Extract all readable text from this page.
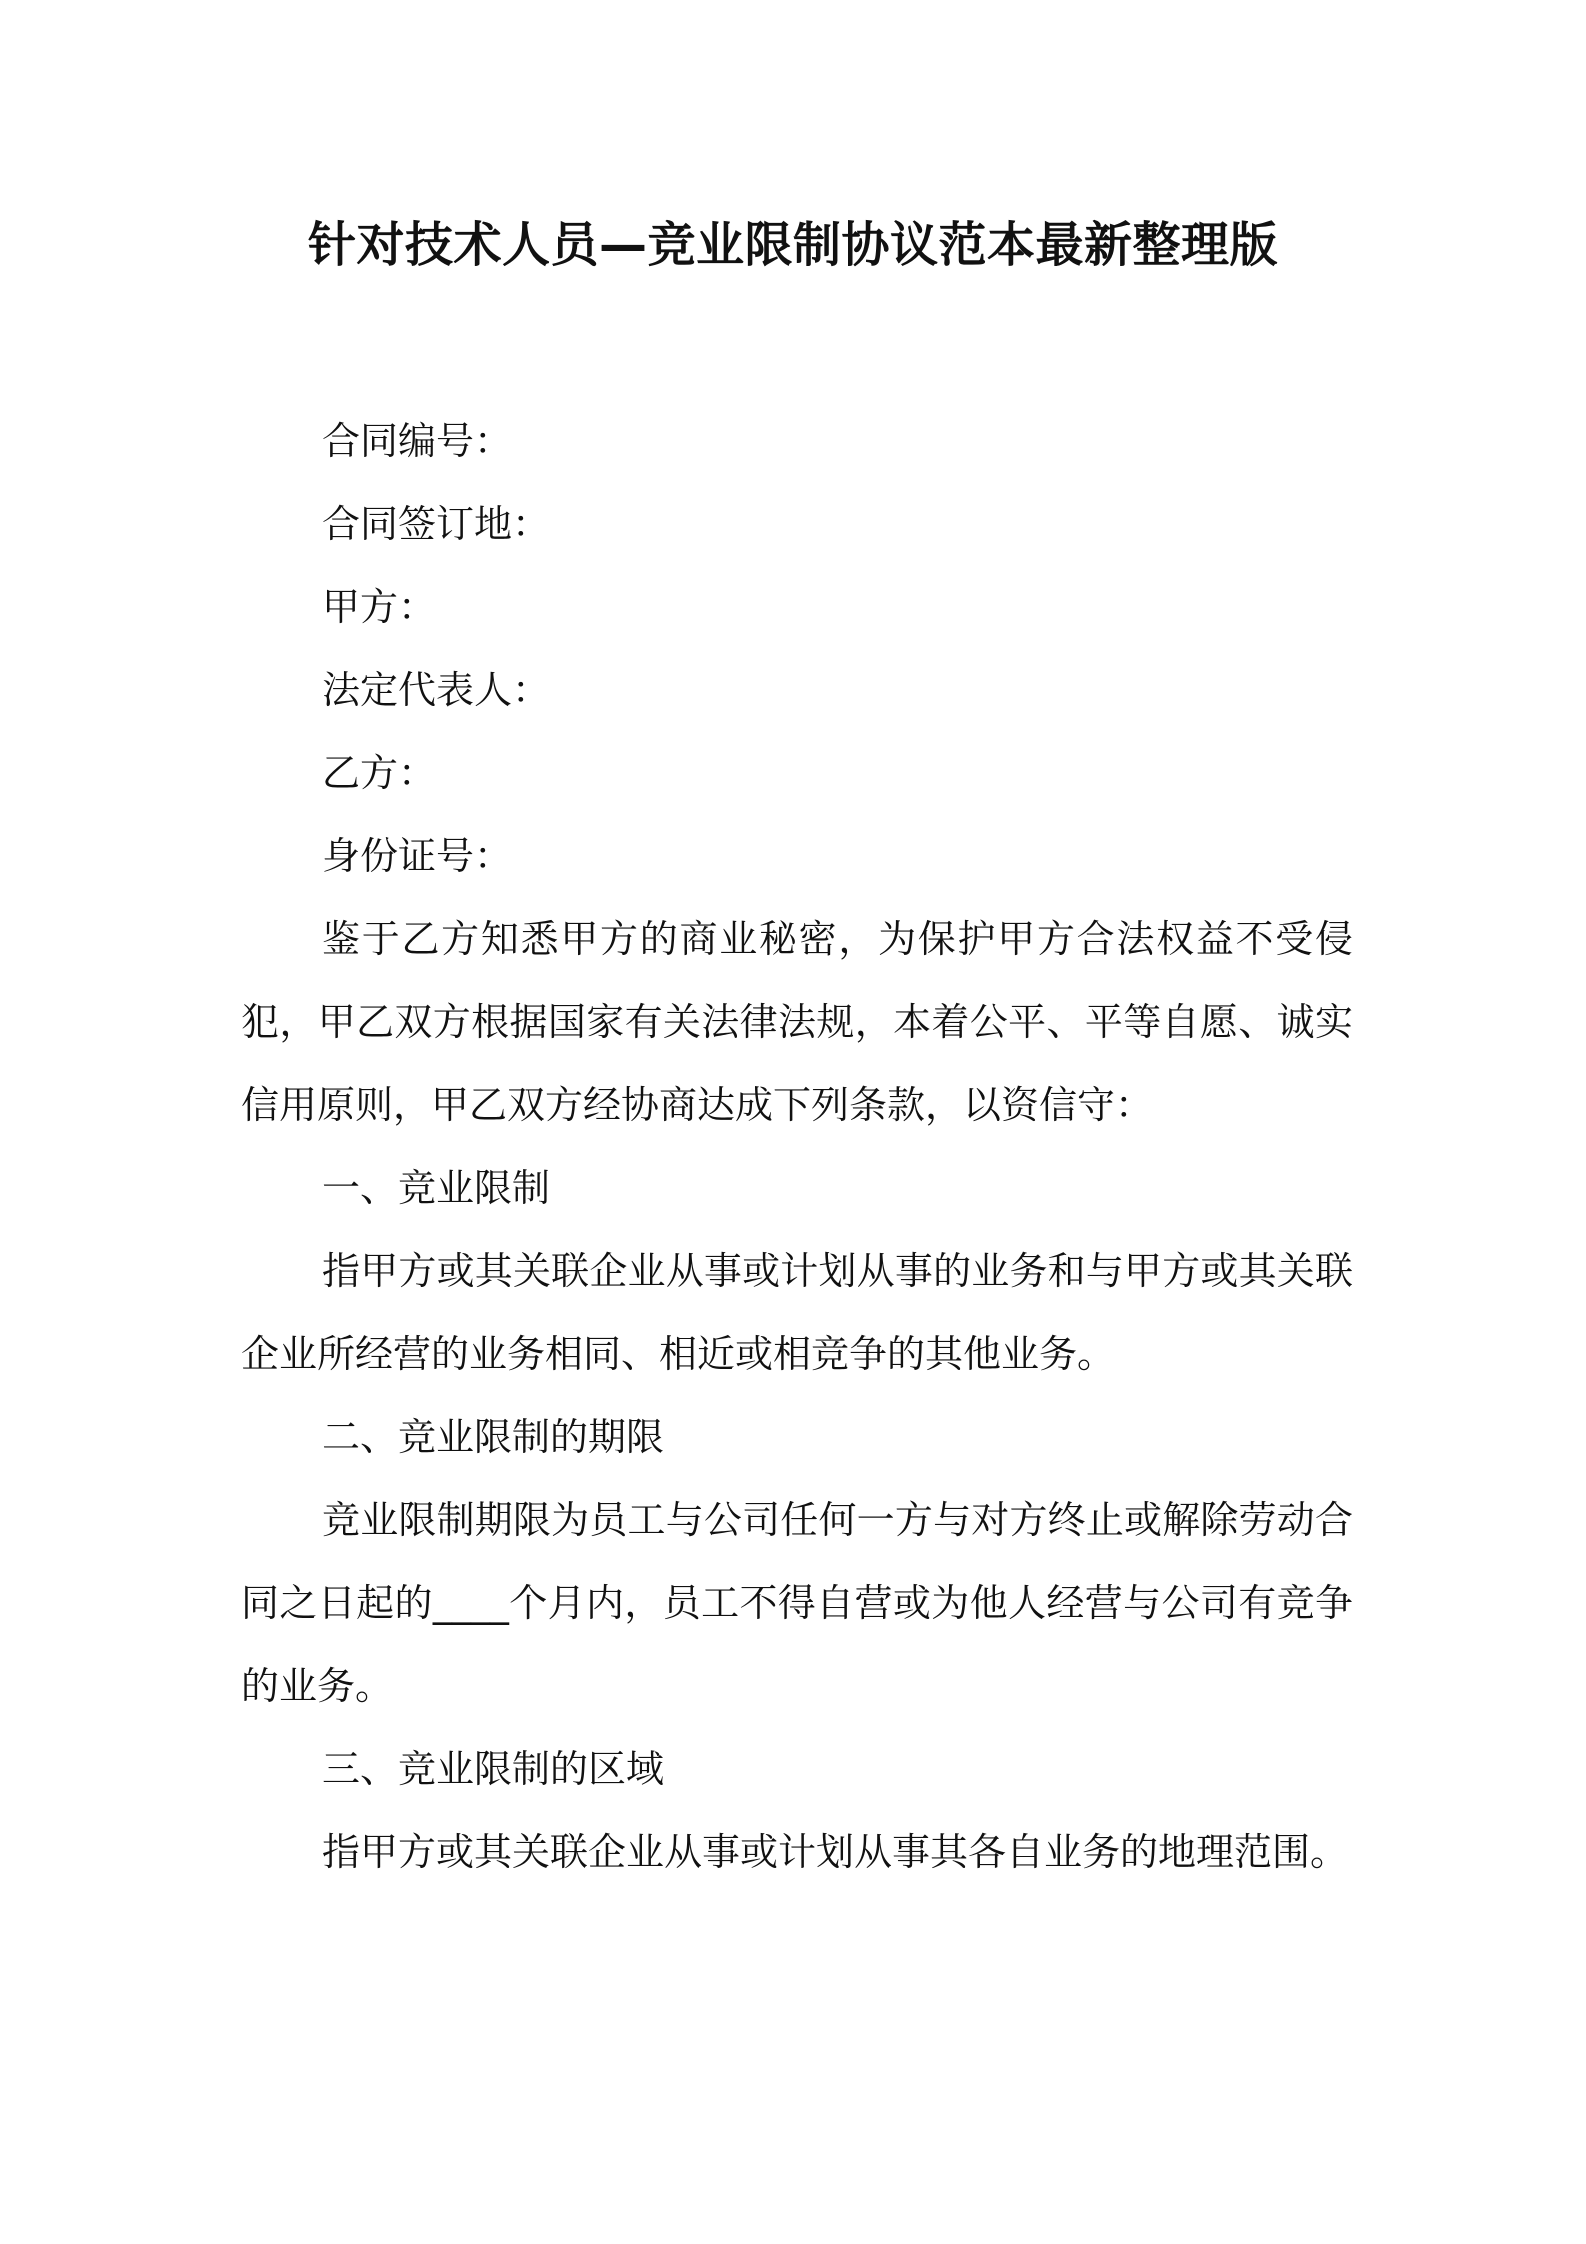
针对技术人员—竞业限制协议范本最新整理版
合同编号：
合同签订地：
甲方：
法定代表人：
乙方：
身份证号：

鉴于乙方知悉甲方的商业秘密，为保护甲方合法权益不受侵犯，甲乙双方根据国家有关法律法规，本着公平、平等自愿、诚实信用原则，甲乙双方经协商达成下列条款，以资信守：

一、竞业限制

指甲方或其关联企业从事或计划从事的业务和与甲方或其关联企业所经营的业务相同、相近或相竞争的其他业务。

二、竞业限制的期限

竞业限制期限为员工与公司任何一方与对方终止或解除劳动合同之日起的____个月内，员工不得自营或为他人经营与公司有竞争的业务。

三、竞业限制的区域

指甲方或其关联企业从事或计划从事其各自业务的地理范围。
